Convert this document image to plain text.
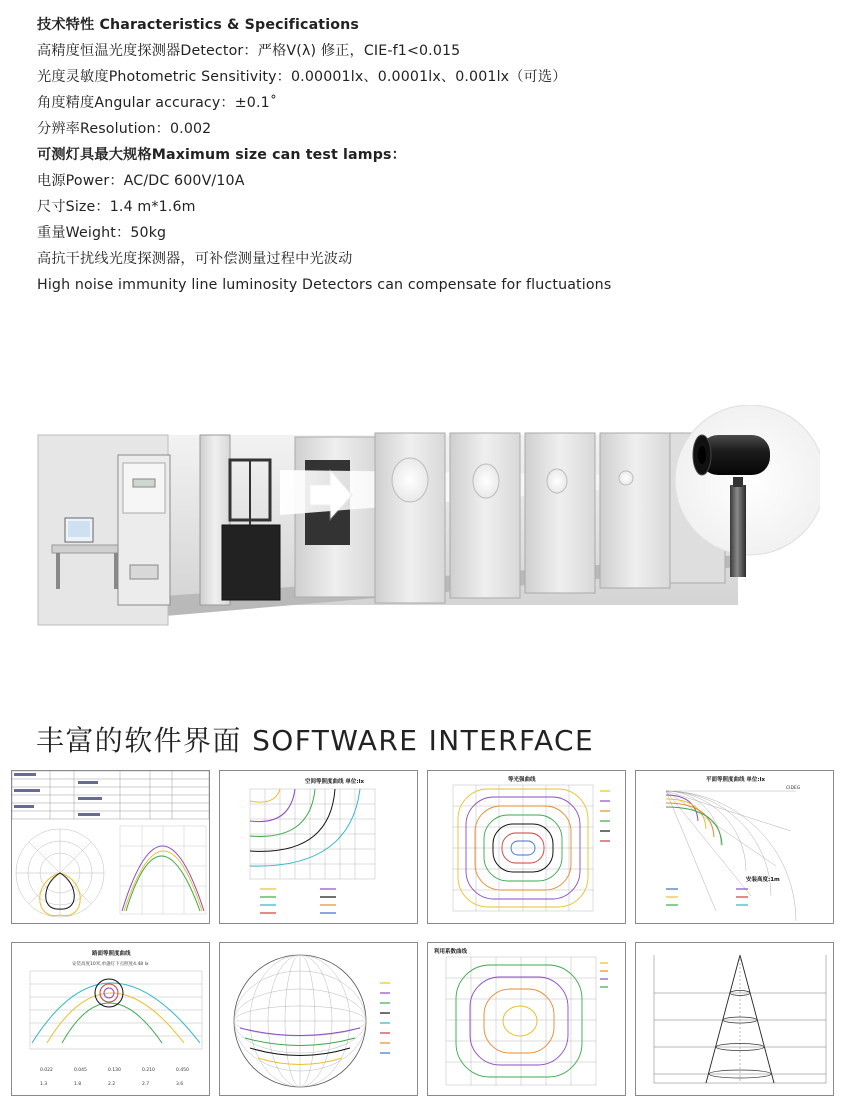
技术特性 Characteristics & Specifications
高精度恒温光度探测器Detector：严格V(λ) 修正，CIE-f1<0.015
光度灵敏度Photometric Sensitivity：0.00001lx、0.0001lx、0.001lx（可选）
角度精度Angular accuracy：±0.1˚
分辨率Resolution：0.002
可测灯具最大规格Maximum size can test lamps：
电源Power：AC/DC 600V/10A
尺寸Size：1.4 m*1.6m
重量Weight：50kg
高抗干扰线光度探测器，可补偿测量过程中光波动
High noise immunity line luminosity Detectors can compensate for fluctuations
丰富的软件界面 SOFTWARE INTERFACE
空间等照度曲线 单位:lx	等光强曲线	平面等照度曲线 单位:lx
CIDEG
安装高度:1m
路面等照度曲线
安装高度10米,单盏灯下点照度4.48 lx
0.022	0.045	0.130	0.210	0.450
1.3	1.8	2.2	2.7	3.6
利用系数曲线
